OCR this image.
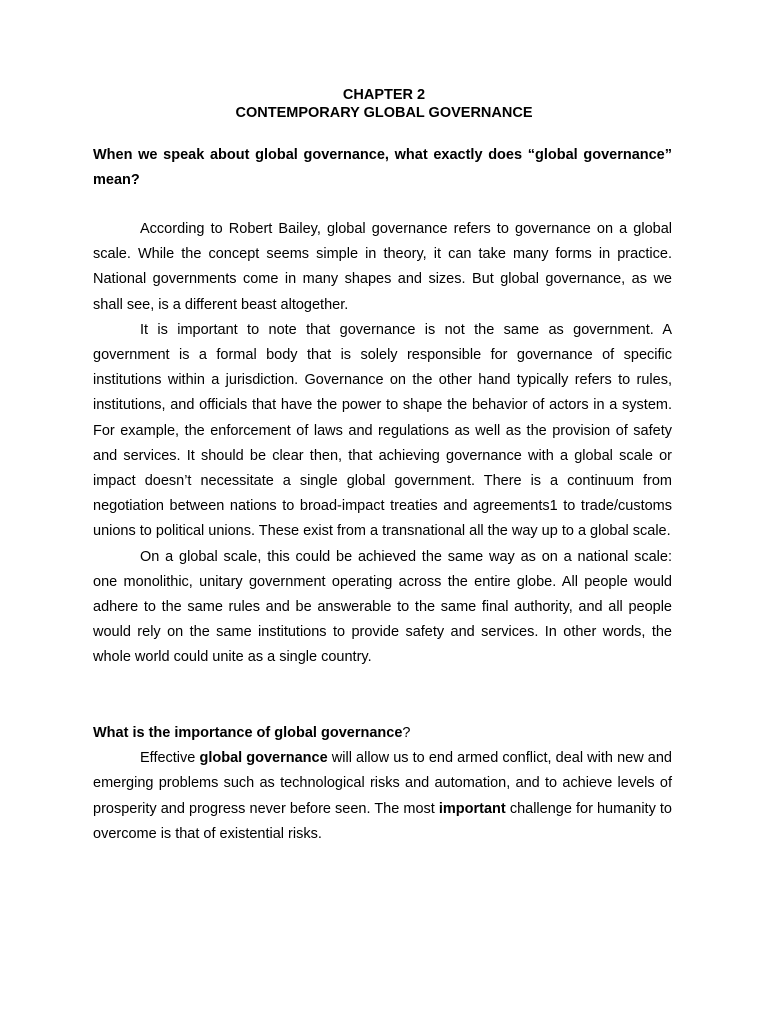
CHAPTER 2
CONTEMPORARY GLOBAL GOVERNANCE
When we speak about global governance, what exactly does “global governance” mean?

According to Robert Bailey, global governance refers to governance on a global scale. While the concept seems simple in theory, it can take many forms in practice. National governments come in many shapes and sizes. But global governance, as we shall see, is a different beast altogether.

It is important to note that governance is not the same as government. A government is a formal body that is solely responsible for governance of specific institutions within a jurisdiction. Governance on the other hand typically refers to rules, institutions, and officials that have the power to shape the behavior of actors in a system. For example, the enforcement of laws and regulations as well as the provision of safety and services. It should be clear then, that achieving governance with a global scale or impact doesn’t necessitate a single global government. There is a continuum from negotiation between nations to broad-impact treaties and agreements1 to trade/customs unions to political unions. These exist from a transnational all the way up to a global scale.

On a global scale, this could be achieved the same way as on a national scale: one monolithic, unitary government operating across the entire globe. All people would adhere to the same rules and be answerable to the same final authority, and all people would rely on the same institutions to provide safety and services. In other words, the whole world could unite as a single country.

What is the importance of global governance?

Effective global governance will allow us to end armed conflict, deal with new and emerging problems such as technological risks and automation, and to achieve levels of prosperity and progress never before seen. The most important challenge for humanity to overcome is that of existential risks.
